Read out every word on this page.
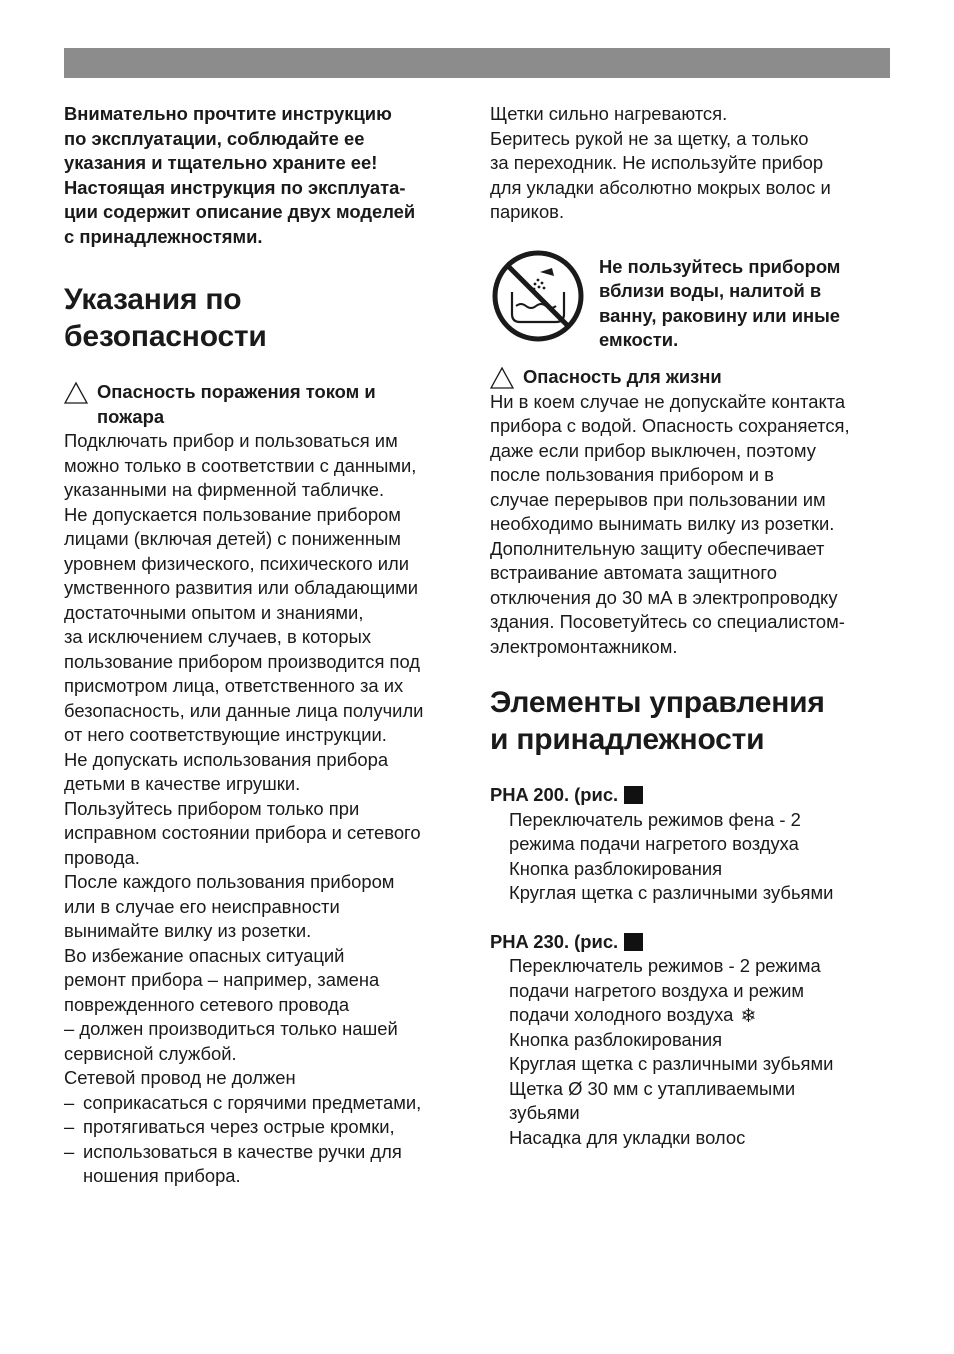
Внимательно прочтите инструкцию

по эксплуатации, соблюдайте ее

указания и тщательно храните ее!

Настоящая инструкция по эксплуата-

ции содержит описание двух моделей

с принадлежностями.

Указания по
безопасности
Опасность поражения током и
пожара

Подключать прибор и пользоваться им

можно только в соответствии с данными,

указанными на фирменной табличке.

Не допускается пользование прибором

лицами (включая детей) с пониженным

уровнем физического, психического или

умственного развития или обладающими

достаточными опытом и знаниями,

за исключением случаев, в которых

пользование прибором производится под

присмотром лица, ответственного за их

безопасность, или данные лица получили

от него соответствующие инструкции.

Не допускать использования прибора

детьми в качестве игрушки.

Пользуйтесь прибором только при

исправном состоянии прибора и сетевого

провода.

После каждого пользования прибором

или в случае его неисправности

вынимайте вилку из розетки.

Во избежание опасных ситуаций

ремонт прибора – например, замена

поврежденного сетевого провода

– должен производиться только нашей

сервисной службой.

Сетевой провод не должен

– соприкасаться с горячими предметами,
– протягиваться через острые кромки,
– использоваться в качестве ручки для
ношения прибора.

Щетки сильно нагреваются.

Беритесь рукой не за щетку, а только

за переходник. Не используйте прибор

для укладки абсолютно мокрых волос и

париков.

Не пользуйтесь прибором

вблизи воды, налитой в

ванну, раковину или иные

емкости.

Опасность для жизни

Ни в коем случае не допускайте контакта

прибора с водой. Опасность сохраняется,

даже если прибор выключен, поэтому

после пользования прибором и в

случае перерывов при пользовании им

необходимо вынимать вилку из розетки.

Дополнительную защиту обеспечивает

встраивание автомата защитного

отключения до 30 мА в электропроводку

здания. Посоветуйтесь со специалистом-

электромонтажником.

Элементы управления
и принадлежности
PHA 200. (рис.
Переключатель режимов фена - 2
режима подачи нагретого воздуха
Кнопка разблокирования
Круглая щетка с различными зубьями
PHA 230. (рис.
Переключатель режимов - 2 режима
подачи нагретого воздуха и режим
подачи холодного воздуха ❄
Кнопка разблокирования
Круглая щетка с различными зубьями
Щетка Ø 30 мм с утапливаемыми
зубьями
Насадка для укладки волос
